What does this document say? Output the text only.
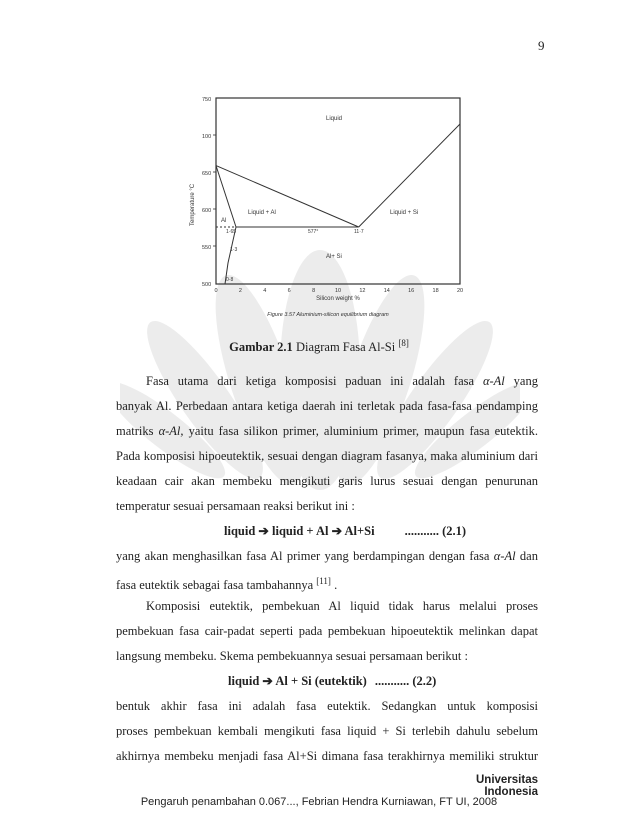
9
Temperature °C
750
100
650
600
550
500
0	2	4	6	8	10	12	14	16	18	20
Silicon weight %
Liquid
Liquid + Al	Liquid + Si
Al
Al+ Si
1·65	577°	11·7
1·3
0·8
Figure 3.57 Aluminium-silicon equilibrium diagram
Gambar 2.1 Diagram Fasa Al-Si [8]
Fasa utama dari ketiga komposisi paduan ini adalah fasa α-Al yang
banyak Al. Perbedaan antara ketiga daerah ini terletak pada fasa-fasa pendamping
matriks α-Al, yaitu fasa silikon primer, aluminium primer, maupun fasa eutektik.
Pada komposisi hipoeutektik, sesuai dengan diagram fasanya, maka aluminium dari
keadaan cair akan membeku mengikuti garis lurus sesuai dengan penurunan
temperatur sesuai persamaan reaksi berikut ini :
liquid ➔ liquid + Al ➔ Al+Si ........... (2.1)
yang akan menghasilkan fasa Al primer yang berdampingan dengan fasa α-Al dan
fasa eutektik sebagai fasa tambahannya [11] .
Komposisi eutektik, pembekuan Al liquid tidak harus melalui proses
pembekuan fasa cair-padat seperti pada pembekuan hipoeutektik melinkan dapat
langsung membeku. Skema pembekuannya sesuai persamaan berikut :
liquid ➔ Al + Si (eutektik) ........... (2.2)
bentuk akhir fasa ini adalah fasa eutektik. Sedangkan untuk komposisi
proses pembekuan kembali mengikuti fasa liquid + Si terlebih dahulu sebelum
akhirnya membeku menjadi fasa Al+Si dimana fasa terakhirnya memiliki struktur
Universitas Indonesia
Pengaruh penambahan 0.067..., Febrian Hendra Kurniawan, FT UI, 2008
